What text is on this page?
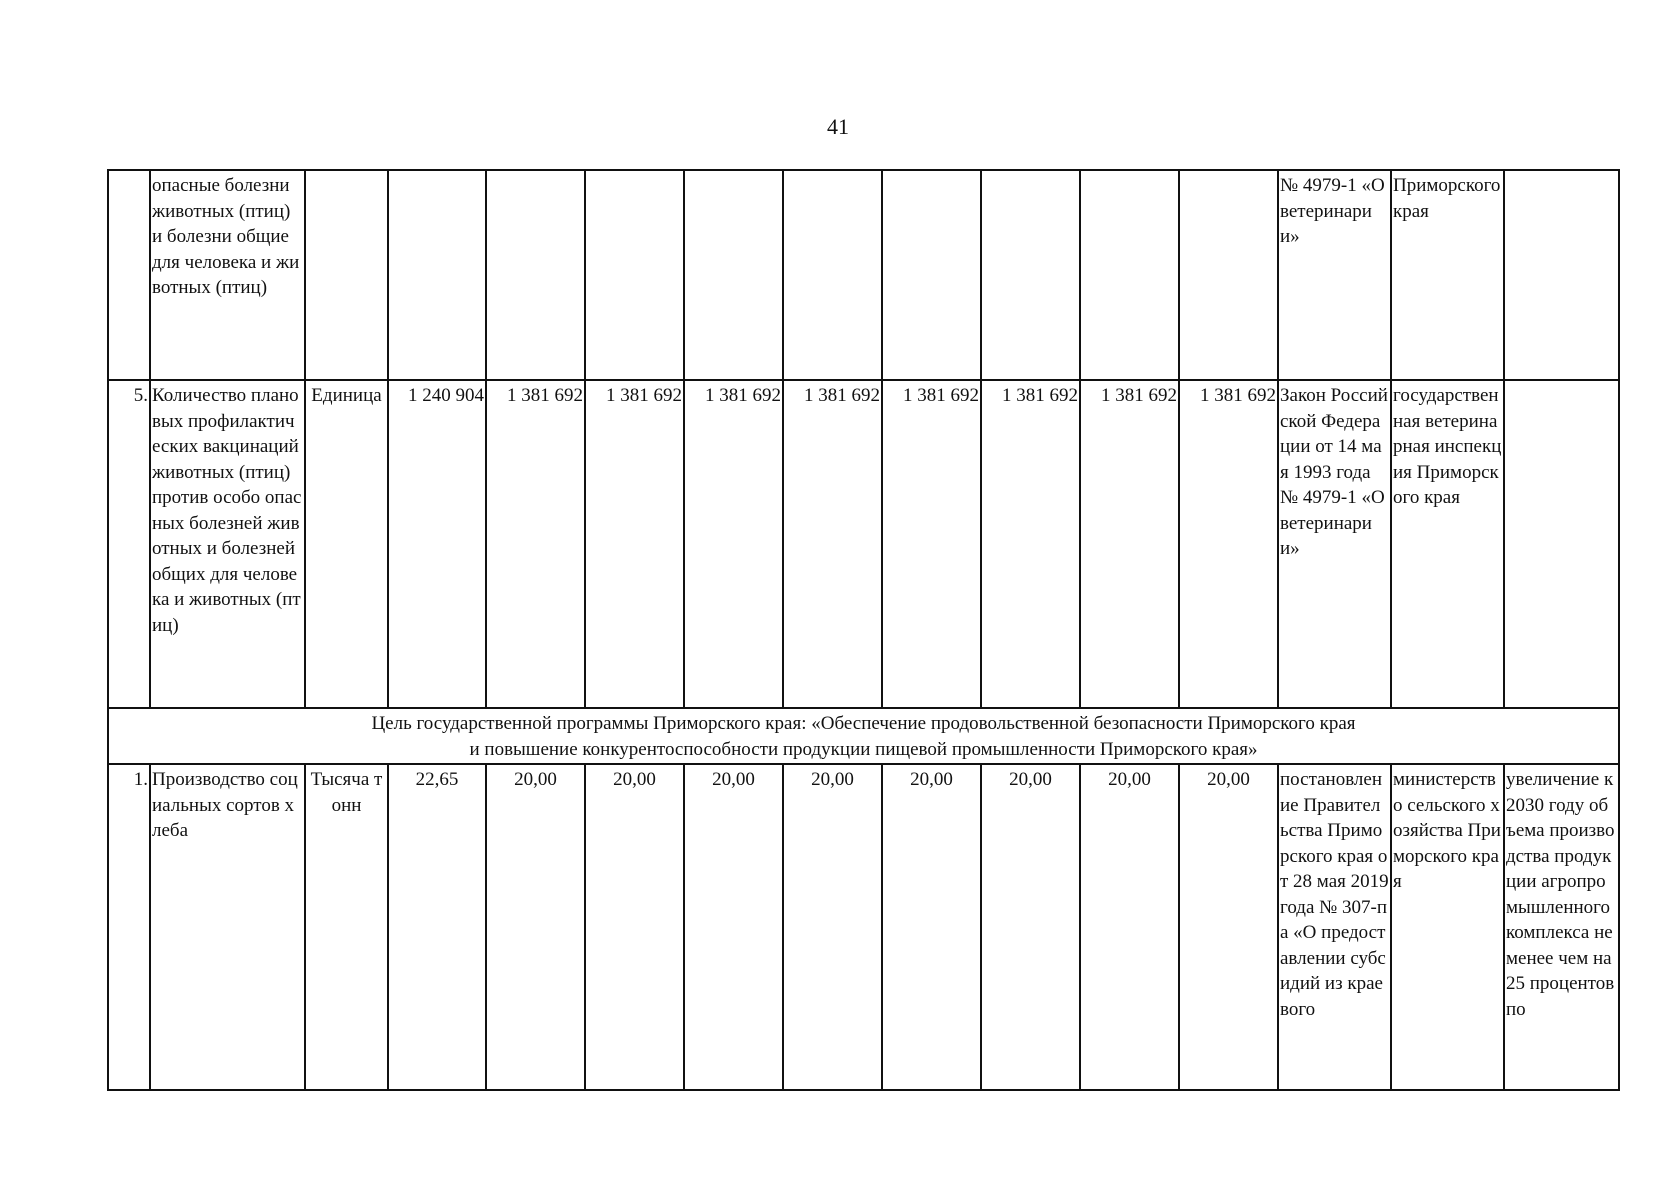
41
	опасные болезни животных (птиц) и болезни общие для человека и животных (птиц)											№ 4979-1 «О ветеринарии»	Приморского края	
5.	Количество плановых профилактических вакцинаций животных (птиц) против особо опасных болезней животных и болезней общих для человека и животных (птиц)	Единица	1 240 904	1 381 692	1 381 692	1 381 692	1 381 692	1 381 692	1 381 692	1 381 692	1 381 692	Закон Российской Федерации от 14 мая 1993 года № 4979-1 «О ветеринарии»	государственная ветеринарная инспекция Приморского края	

Цель государственной программы Приморского края: «Обеспечение продовольственной безопасности Приморского края
и повышение конкурентоспособности продукции пищевой промышленности Приморского края»														

1.	Производство социальных сортов хлеба	Тысяча тонн	22,65	20,00	20,00	20,00	20,00	20,00	20,00	20,00	20,00	постановление Правительства Приморского края от 28 мая 2019 года № 307-па «О предоставлении субсидий из краевого	министерство сельского хозяйства Приморского края	увеличение к 2030 году объема производства продукции агропромышленного комплекса не менее чем на 25 процентов по
